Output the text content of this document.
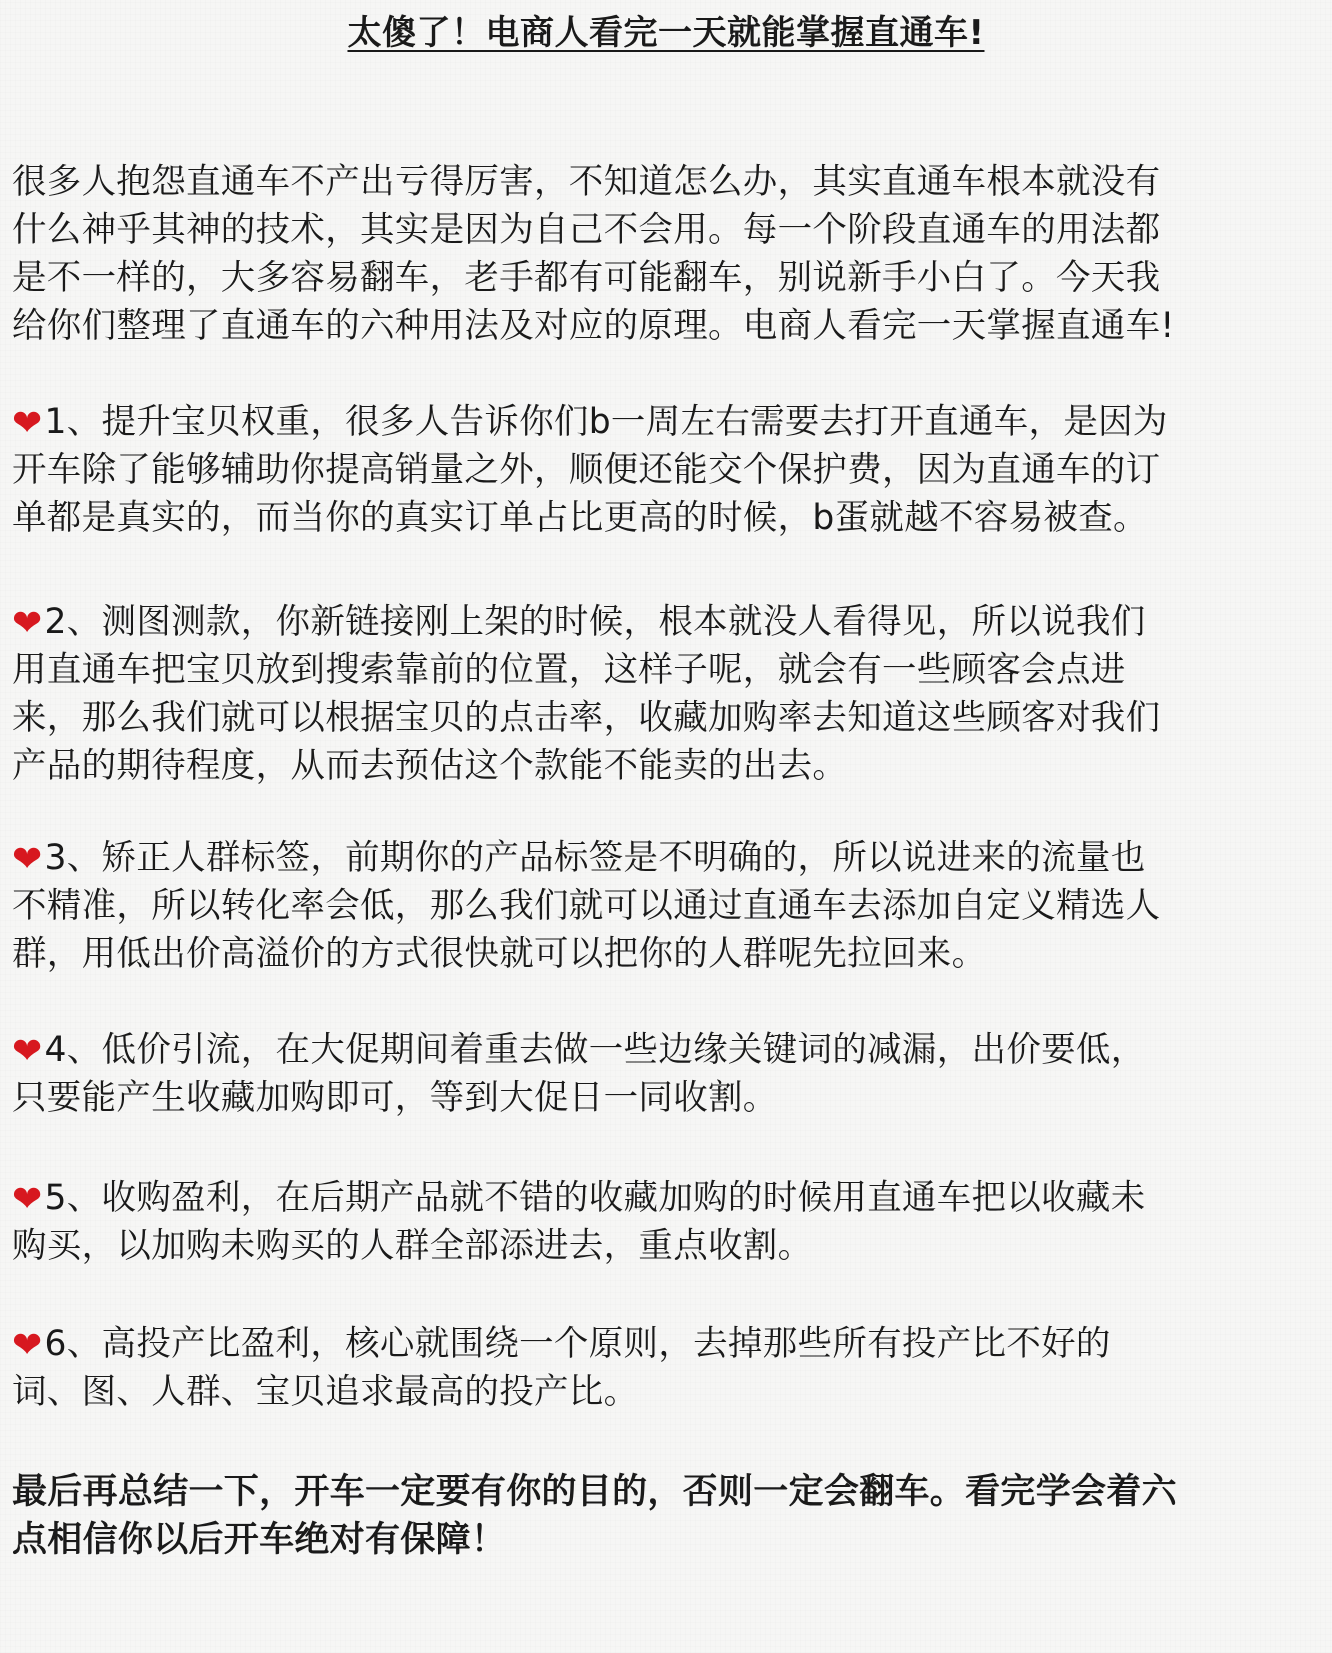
太傻了！电商人看完一天就能掌握直通车!
很多人抱怨直通车不产出亏得厉害，不知道怎么办，其实直通车根本就没有
什么神乎其神的技术，其实是因为自己不会用。每一个阶段直通车的用法都
是不一样的，大多容易翻车，老手都有可能翻车，别说新手小白了。今天我
给你们整理了直通车的六种用法及对应的原理。电商人看完一天掌握直通车!
❤1、提升宝贝权重，很多人告诉你们b一周左右需要去打开直通车，是因为
开车除了能够辅助你提高销量之外，顺便还能交个保护费，因为直通车的订
单都是真实的，而当你的真实订单占比更高的时候，b蛋就越不容易被查。
❤2、测图测款，你新链接刚上架的时候，根本就没人看得见，所以说我们
用直通车把宝贝放到搜索靠前的位置，这样子呢，就会有一些顾客会点进
来，那么我们就可以根据宝贝的点击率，收藏加购率去知道这些顾客对我们
产品的期待程度，从而去预估这个款能不能卖的出去。
❤3、矫正人群标签，前期你的产品标签是不明确的，所以说进来的流量也
不精准，所以转化率会低，那么我们就可以通过直通车去添加自定义精选人
群，用低出价高溢价的方式很快就可以把你的人群呢先拉回来。
❤4、低价引流，在大促期间着重去做一些边缘关键词的减漏，出价要低，
只要能产生收藏加购即可，等到大促日一同收割。
❤5、收购盈利，在后期产品就不错的收藏加购的时候用直通车把以收藏未
购买，以加购未购买的人群全部添进去，重点收割。
❤6、高投产比盈利，核心就围绕一个原则，去掉那些所有投产比不好的
词、图、人群、宝贝追求最高的投产比。
最后再总结一下，开车一定要有你的目的，否则一定会翻车。看完学会着六
点相信你以后开车绝对有保障！
